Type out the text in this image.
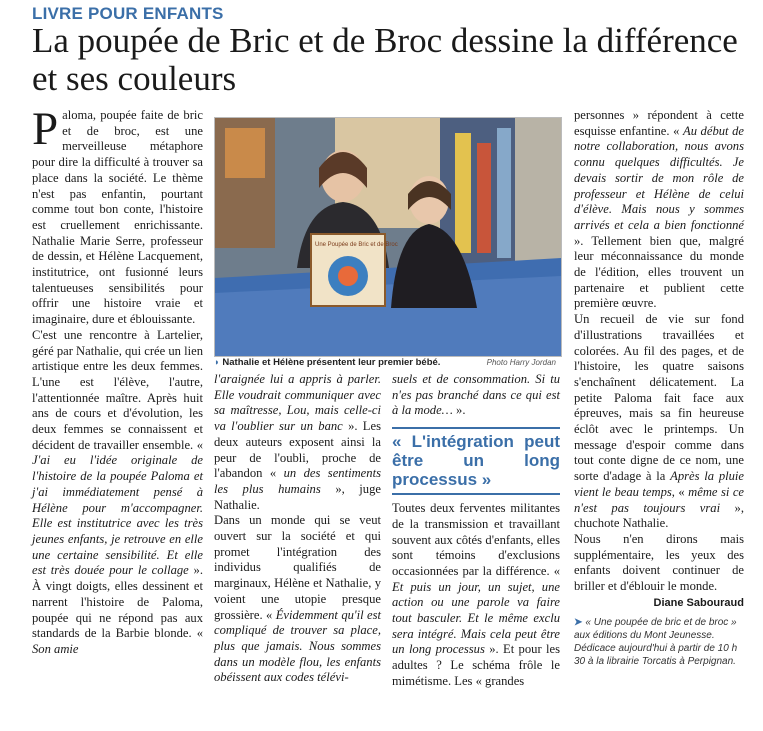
LIVRE POUR ENFANTS
La poupée de Bric et de Broc dessine la différence et ses couleurs

Paloma, poupée faite de bric et de broc, est une merveilleuse métaphore pour dire la difficulté à trouver sa place dans la société. Le thème n'est pas enfantin, pourtant comme tout bon conte, l'histoire est cruellement enrichissante. Nathalie Marie Serre, professeur de dessin, et Hélène Lacquement, institutrice, ont fusionné leurs talentueuses sensibilités pour offrir une histoire vraie et imaginaire, dure et éblouissante.

C'est une rencontre à Lartelier, géré par Nathalie, qui crée un lien artistique entre les deux femmes. L'une est l'élève, l'autre, l'attentionnée maître. Après huit ans de cours et d'évolution, les deux femmes se connaissent et décident de travailler ensemble. « J'ai eu l'idée originale de l'histoire de la poupée Paloma et j'ai immédiatement pensé à Hélène pour m'accompagner. Elle est institutrice avec les très jeunes enfants, je retrouve en elle une certaine sensibilité. Et elle est très douée pour le collage ». À vingt doigts, elles dessinent et narrent l'histoire de Paloma, poupée qui ne répond pas aux standards de la Barbie blonde. « Son amie

Une Poupée de Bric et de Broc
◗ Nathalie et Hélène présentent leur premier bébé.	Photo Harry Jordan

l'araignée lui a appris à parler. Elle voudrait communiquer avec sa maîtresse, Lou, mais celle-ci va l'oublier sur un banc ». Les deux auteurs exposent ainsi la peur de l'oubli, proche de l'abandon « un des sentiments les plus humains », juge Nathalie.

Dans un monde qui se veut ouvert sur la société et qui promet l'intégration des individus qualifiés de marginaux, Hélène et Nathalie, y voient une utopie presque grossière. « Évidemment qu'il est compliqué de trouver sa place, plus que jamais. Nous sommes dans un modèle flou, les enfants obéissent aux codes télévi-

suels et de consommation. Si tu n'es pas branché dans ce qui est à la mode… ».

« L'intégration peut être un long processus »

Toutes deux ferventes militantes de la transmission et travaillant souvent aux côtés d'enfants, elles sont témoins d'exclusions occasionnées par la différence. « Et puis un jour, un sujet, une action ou une parole va faire tout basculer. Et le même exclu sera intégré. Mais cela peut être un long processus ». Et pour les adultes ? Le schéma frôle le mimétisme. Les « grandes

personnes » répondent à cette esquisse enfantine. « Au début de notre collaboration, nous avons connu quelques difficultés. Je devais sortir de mon rôle de professeur et Hélène de celui d'élève. Mais nous y sommes arrivés et cela a bien fonctionné ». Tellement bien que, malgré leur méconnaissance du monde de l'édition, elles trouvent un partenaire et publient cette première œuvre.

Un recueil de vie sur fond d'illustrations travaillées et colorées. Au fil des pages, et de l'histoire, les quatre saisons s'enchaînent délicatement. La petite Paloma fait face aux épreuves, mais sa fin heureuse éclôt avec le printemps. Un message d'espoir comme dans tout conte digne de ce nom, une sorte d'adage à la Après la pluie vient le beau temps, « même si ce n'est pas toujours vrai », chuchote Nathalie.

Nous n'en dirons mais supplémentaire, les yeux des enfants doivent continuer de briller et d'éblouir le monde.

Diane Sabouraud
➤ « Une poupée de bric et de broc » aux éditions du Mont Jeunesse. Dédicace aujourd'hui à partir de 10 h 30 à la librairie Torcatis à Perpignan.
